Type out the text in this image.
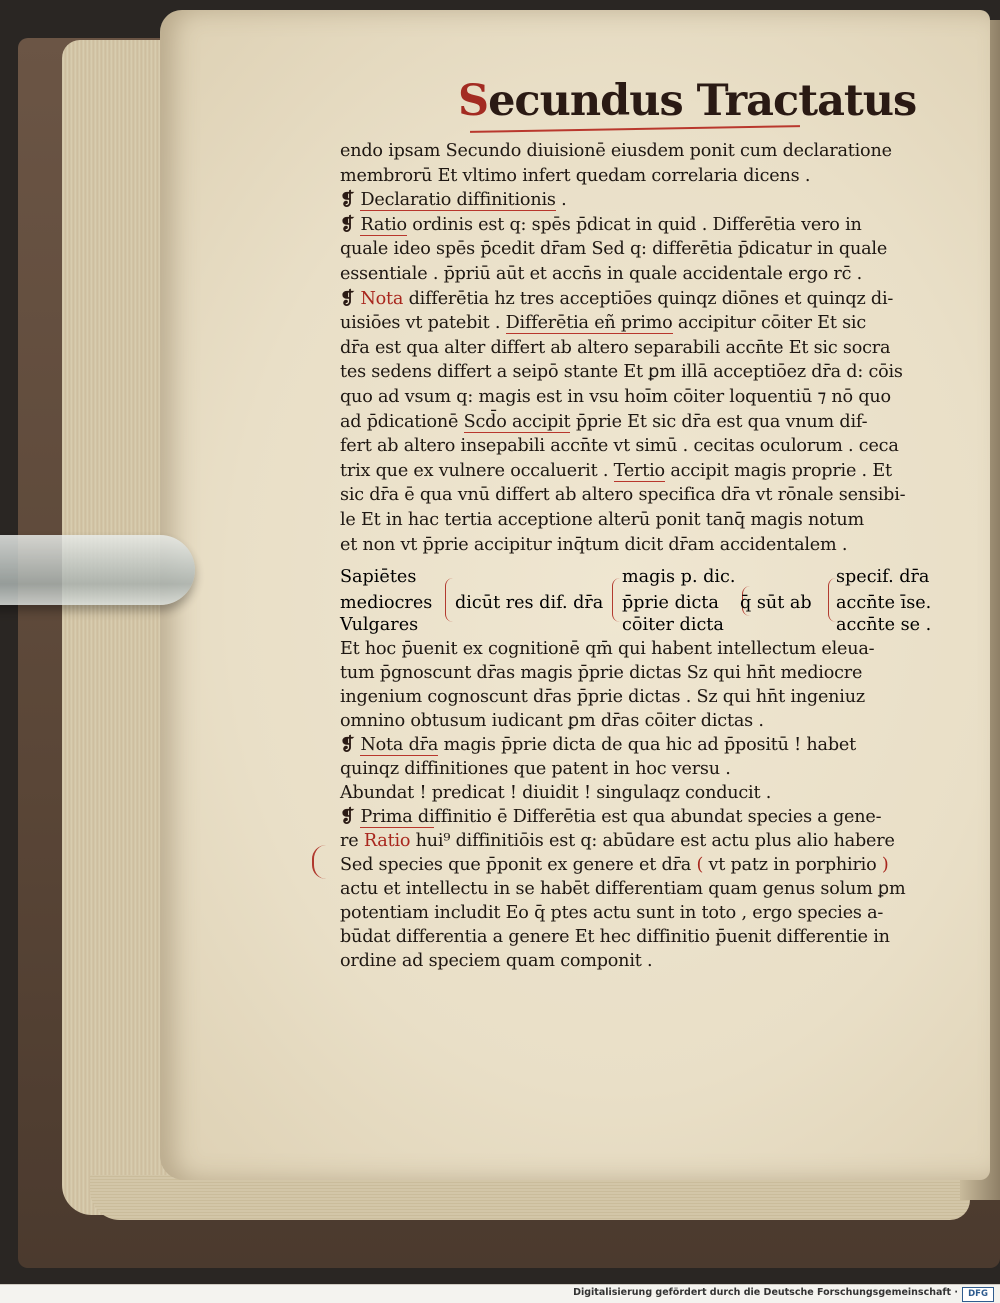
Secundus Tractatus
endo ipsam Secundo diuisionē eiusdem ponit cum declaratione
membrorū Et vltimo infert quedam correlaria dicens .
❡ Declaratio diffinitionis .
❡ Ratio ordinis est q: spēs p̄dicat in quid . Differētia vero in
quale ideo spēs p̄cedit dr̄am Sed q: differētia p̄dicatur in quale
essentiale . p̄priū aūt et accn̄s in quale accidentale ergo rc̄ .
❡ Nota differētia hz tres acceptiōes quinqz diōnes et quinqz di-
uisiōes vt patebit . Differētia eñ primo accipitur cōiter Et sic
dr̄a est qua alter differt ab altero separabili accn̄te Et sic socra
tes sedens differt a seipō stante Et ꝑm illā acceptiōez dr̄a d: cōis
quo ad vsum q: magis est in vsu hoīm cōiter loquentiū ⁊ nō quo
ad p̄dicationē Scd̄o accipit p̄prie Et sic dr̄a est qua vnum dif-
fert ab altero insepabili accn̄te vt simū . cecitas oculorum . ceca
trix que ex vulnere occaluerit . Tertio accipit magis proprie . Et
sic dr̄a ē qua vnū differt ab altero specifica dr̄a vt rōnale sensibi-
le Et in hac tertia acceptione alterū ponit tanq̄ magis notum
et non vt p̄prie accipitur inq̄tum dicit dr̄am accidentalem .
Et hoc p̄uenit ex cognitionē qm̄ qui habent intellectum eleua-
tum p̄gnoscunt dr̄as magis p̄prie dictas Sz qui hn̄t mediocre
ingenium cognoscunt dr̄as p̄prie dictas . Sz qui hn̄t ingeniuz
omnino obtusum iudicant ꝑm dr̄as cōiter dictas .
❡ Nota dr̄a magis p̄prie dicta de qua hic ad p̄positū ! habet
quinqz diffinitiones que patent in hoc versu .
Abundat ! predicat ! diuidit ! singulaqz conducit .
❡ Prima diffinitio ē Differētia est qua abundat species a gene-
re Ratio hui⁹ diffinitiōis est q: abūdare est actu plus alio habere
Sed species que p̄ponit ex genere et dr̄a ( vt patz in porphirio )
actu et intellectu in se habēt differentiam quam genus solum ꝑm
potentiam includit Eo q̄ ptes actu sunt in toto , ergo species a-
būdat differentia a genere Et hec diffinitio p̄uenit differentie in
ordine ad speciem quam componit .
Sapiētes
mediocres
Vulgares
dicūt res dif. dr̄a
magis p. dic.
p̄prie dicta
cōiter dicta
q̄ sūt ab
specif. dr̄a
accn̄te īse.
accn̄te se .
Digitalisierung gefördert durch die Deutsche Forschungsgemeinschaft ·	DFG
